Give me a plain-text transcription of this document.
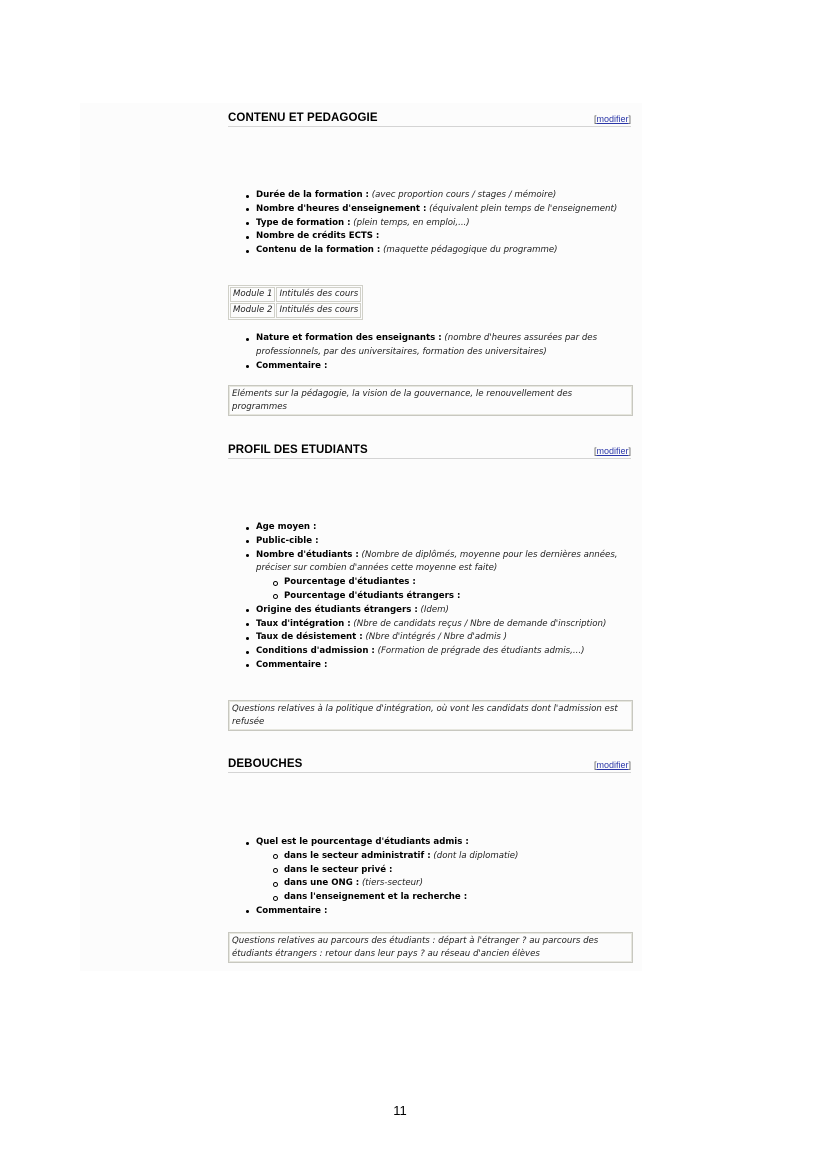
CONTENU ET PEDAGOGIE	[modifier]
Durée de la formation : (avec proportion cours / stages / mémoire)
Nombre d'heures d'enseignement : (équivalent plein temps de l'enseignement)
Type de formation : (plein temps, en emploi,...)
Nombre de crédits ECTS :
Contenu de la formation : (maquette pédagogique du programme)
Module 1	Intitulés des cours
Module 2	Intitulés des cours
Nature et formation des enseignants : (nombre d'heures assurées par des professionnels, par des universitaires, formation des universitaires)
Commentaire :
Eléments sur la pédagogie, la vision de la gouvernance, le renouvellement des programmes
PROFIL DES ETUDIANTS	[modifier]
Age moyen :
Public-cible :
Nombre d'étudiants : (Nombre de diplômés, moyenne pour les dernières années, préciser sur combien d'années cette moyenne est faite)
Pourcentage d'étudiantes :
Pourcentage d'étudiants étrangers :
Origine des étudiants étrangers : (Idem)
Taux d'intégration : (Nbre de candidats reçus / Nbre de demande d'inscription)
Taux de désistement : (Nbre d'intégrés / Nbre d'admis )
Conditions d'admission : (Formation de prégrade des étudiants admis,...)
Commentaire :
Questions relatives à la politique d'intégration, où vont les candidats dont l'admission est refusée
DEBOUCHES	[modifier]
Quel est le pourcentage d'étudiants admis :
dans le secteur administratif : (dont la diplomatie)
dans le secteur privé :
dans une ONG : (tiers-secteur)
dans l'enseignement et la recherche :
Commentaire :
Questions relatives au parcours des étudiants : départ à l'étranger ? au parcours des étudiants étrangers : retour dans leur pays ? au réseau d'ancien élèves
11
